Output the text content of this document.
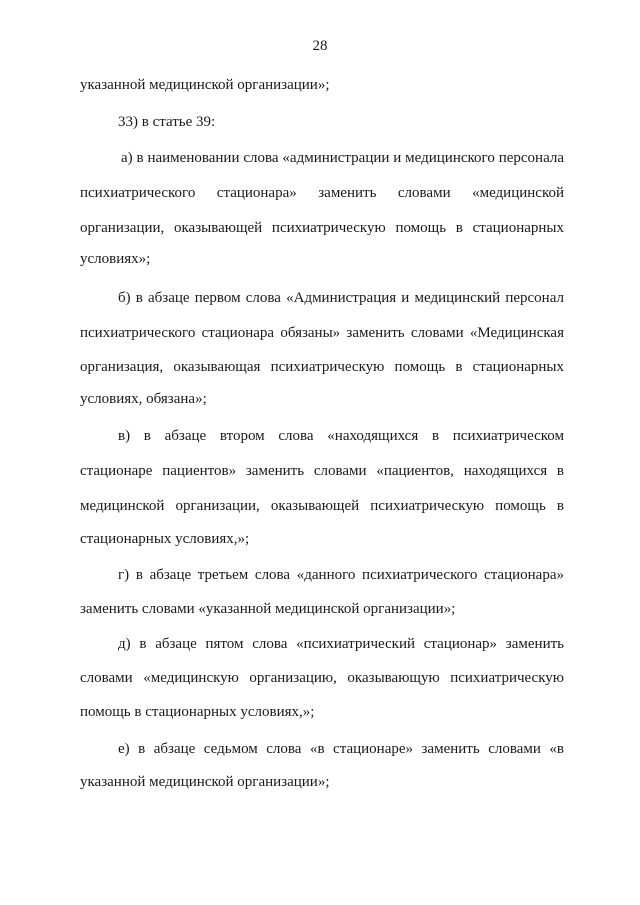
28
указанной медицинской организации»;
33) в статье 39:
а) в наименовании слова «администрации и медицинского персонала
психиатрического стационара» заменить словами «медицинской
организации, оказывающей психиатрическую помощь в стационарных
условиях»;
б) в абзаце первом слова «Администрация и медицинский персонал
психиатрического стационара обязаны» заменить словами «Медицинская
организация, оказывающая психиатрическую помощь в стационарных
условиях, обязана»;
в) в абзаце втором слова «находящихся в психиатрическом
стационаре пациентов» заменить словами «пациентов, находящихся в
медицинской организации, оказывающей психиатрическую помощь в
стационарных условиях,»;
г) в абзаце третьем слова «данного психиатрического стационара»
заменить словами «указанной медицинской организации»;
д) в абзаце пятом слова «психиатрический стационар» заменить
словами «медицинскую организацию, оказывающую психиатрическую
помощь в стационарных условиях,»;
е) в абзаце седьмом слова «в стационаре» заменить словами «в
указанной медицинской организации»;
